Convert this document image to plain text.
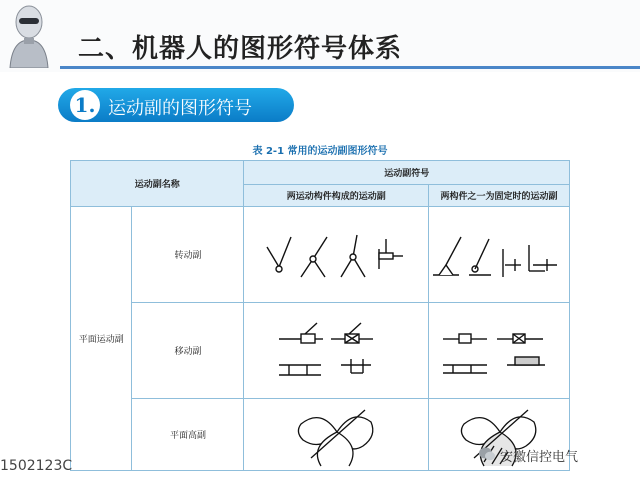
二、机器人的图形符号体系
1. 运动副的图形符号
表 2-1 常用的运动副图形符号
运动副名称		运动副符号	
		两运动构件构成的运动副	两构件之一为固定时的运动副
平面运动副	转动副	

	移动副	

	平面高副	

1502123C
安徽信控电气
